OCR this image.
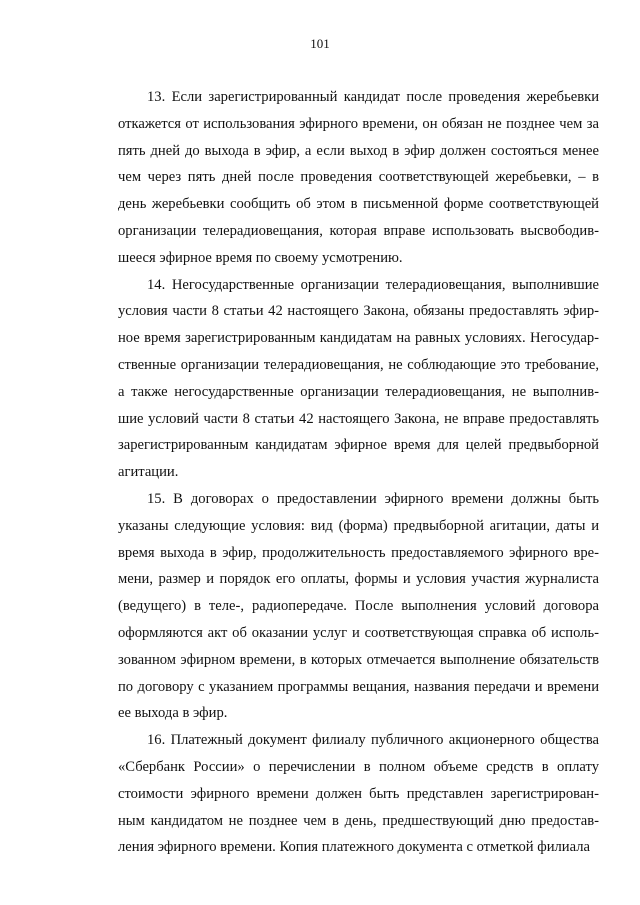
101

13. Если зарегистрированный кандидат после проведения жеребьевки откажется от использования эфирного времени, он обязан не позднее чем за пять дней до выхода в эфир, а если выход в эфир должен состояться менее чем через пять дней после проведения соответствующей жеребьевки, – в день жеребьевки сообщить об этом в письменной форме соответствующей организации телерадиовещания, которая вправе использовать высвободившееся эфирное время по своему усмотрению.

14. Негосударственные организации телерадиовещания, выполнившие условия части 8 статьи 42 настоящего Закона, обязаны предоставлять эфирное время зарегистрированным кандидатам на равных условиях. Негосударственные организации телерадиовещания, не соблюдающие это требование, а также негосударственные организации телерадиовещания, не выполнившие условий части 8 статьи 42 настоящего Закона, не вправе предоставлять зарегистрированным кандидатам эфирное время для целей предвыборной агитации.

15. В договорах о предоставлении эфирного времени должны быть указаны следующие условия: вид (форма) предвыборной агитации, даты и время выхода в эфир, продолжительность предоставляемого эфирного времени, размер и порядок его оплаты, формы и условия участия журналиста (ведущего) в теле-, радиопередаче. После выполнения условий договора оформляются акт об оказании услуг и соответствующая справка об использованном эфирном времени, в которых отмечается выполнение обязательств по договору с указанием программы вещания, названия передачи и времени ее выхода в эфир.

16. Платежный документ филиалу публичного акционерного общества «Сбербанк России» о перечислении в полном объеме средств в оплату стоимости эфирного времени должен быть представлен зарегистрированным кандидатом не позднее чем в день, предшествующий дню предоставления эфирного времени. Копия платежного документа с отметкой филиала
